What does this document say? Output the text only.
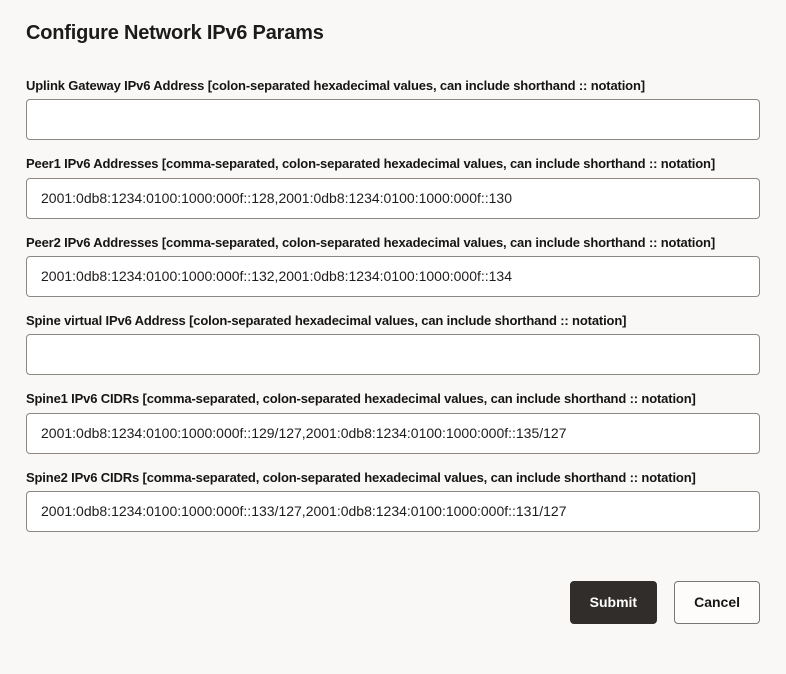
Configure Network IPv6 Params
Uplink Gateway IPv6 Address [colon-separated hexadecimal values, can include shorthand :: notation]
Peer1 IPv6 Addresses [comma-separated, colon-separated hexadecimal values, can include shorthand :: notation]
2001:0db8:1234:0100:1000:000f::128,2001:0db8:1234:0100:1000:000f::130
Peer2 IPv6 Addresses [comma-separated, colon-separated hexadecimal values, can include shorthand :: notation]
2001:0db8:1234:0100:1000:000f::132,2001:0db8:1234:0100:1000:000f::134
Spine virtual IPv6 Address [colon-separated hexadecimal values, can include shorthand :: notation]
Spine1 IPv6 CIDRs [comma-separated, colon-separated hexadecimal values, can include shorthand :: notation]
2001:0db8:1234:0100:1000:000f::129/127,2001:0db8:1234:0100:1000:000f::135/127
Spine2 IPv6 CIDRs [comma-separated, colon-separated hexadecimal values, can include shorthand :: notation]
2001:0db8:1234:0100:1000:000f::133/127,2001:0db8:1234:0100:1000:000f::131/127
Submit	Cancel
